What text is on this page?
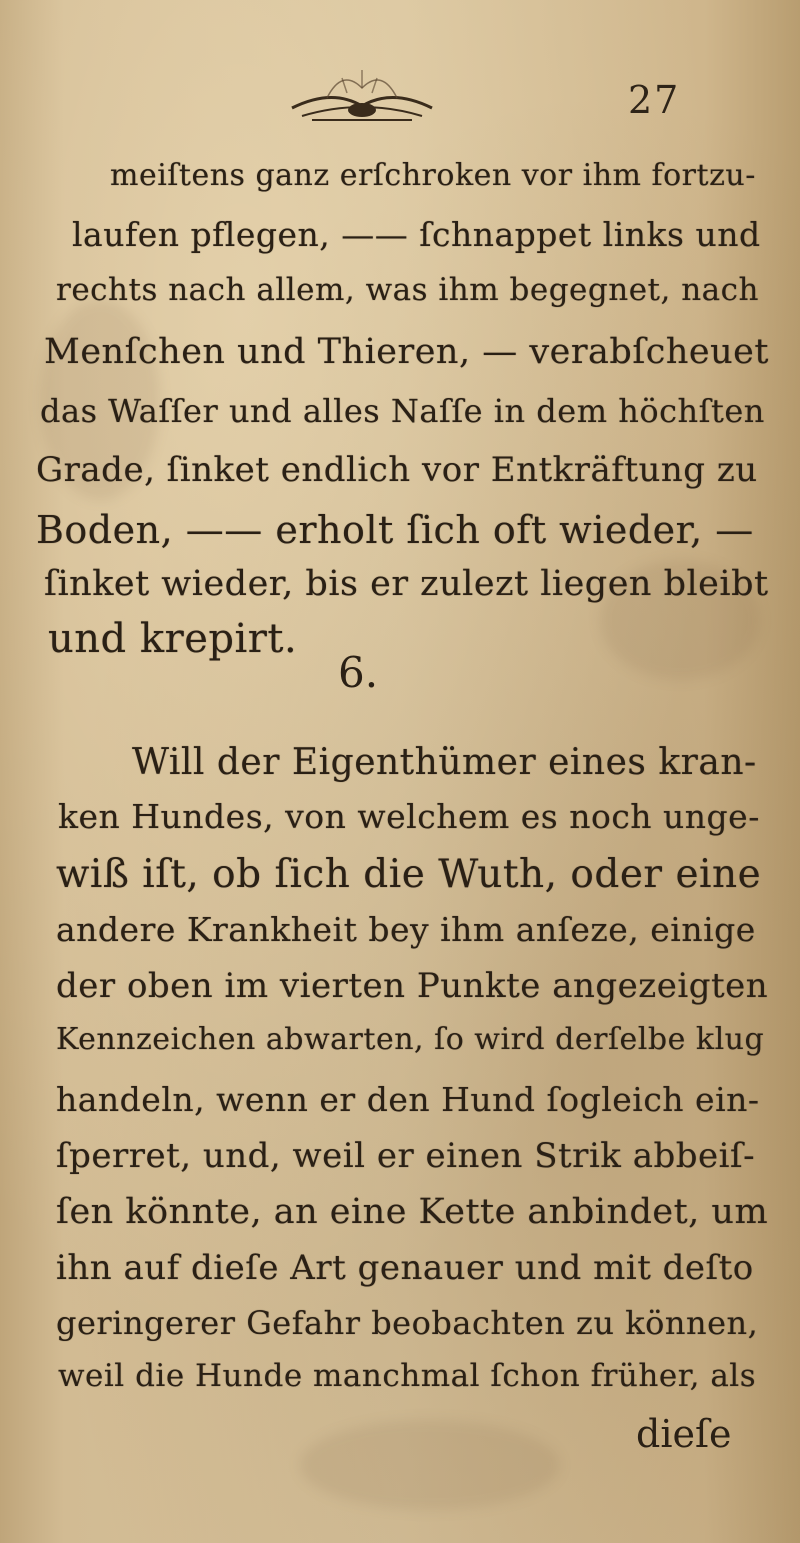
27
meiſtens ganz erſchroken vor ihm fortzu-
laufen pflegen, —— ſchnappet links und
rechts nach allem, was ihm begegnet, nach
Menſchen und Thieren, — verabſcheuet
das Waſſer und alles Naſſe in dem höchſten
Grade, ſinket endlich vor Entkräftung zu
Boden, —— erholt ſich oft wieder, —
ſinket wieder, bis er zulezt liegen bleibt
und krepirt.
6.
Will der Eigenthümer eines kran-
ken Hundes, von welchem es noch unge-
wiß iſt, ob ſich die Wuth, oder eine
andere Krankheit bey ihm anſeze, einige
der oben im vierten Punkte angezeigten
Kennzeichen abwarten, ſo wird derſelbe klug
handeln, wenn er den Hund ſogleich ein-
ſperret, und, weil er einen Strik abbeiſ-
ſen könnte, an eine Kette anbindet, um
ihn auf dieſe Art genauer und mit deſto
geringerer Gefahr beobachten zu können,
weil die Hunde manchmal ſchon früher, als
dieſe
